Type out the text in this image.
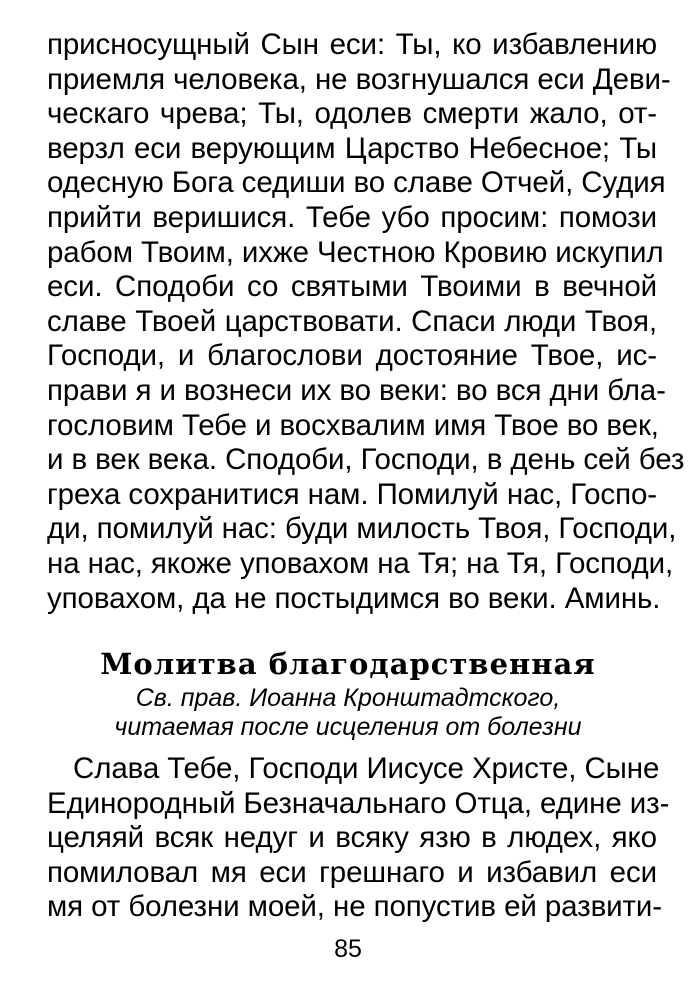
присносущный Сын еси: Ты, ко избавлению
приемля человека, не возгнушался еси Деви-
ческаго чрева; Ты, одолев смерти жало, от-
верзл еси верующим Царство Небесное; Ты
одесную Бога седиши во славе Отчей, Судия
прийти веришися. Тебе убо просим: помози
рабом Твоим, ихже Честною Кровию искупил
еси. Сподоби со святыми Твоими в вечной
славе Твоей царствовати. Спаси люди Твоя,
Господи, и благослови достояние Твое, ис-
прави я и вознеси их во веки: во вся дни бла-
гословим Тебе и восхвалим имя Твое во век,
и в век века. Сподоби, Господи, в день сей без
греха сохранитися нам. Помилуй нас, Госпо-
ди, помилуй нас: буди милость Твоя, Господи,
на нас, якоже уповахом на Тя; на Тя, Господи,
уповахом, да не постыдимся во веки. Аминь.
Молитва благодарственная
Св. прав. Иоанна Кронштадтского,
читаемая после исцеления от болезни
Слава Тебе, Господи Иисусе Христе, Сыне
Единородный Безначальнаго Отца, едине из-
целяяй всяк недуг и всяку язю в людех, яко
помиловал мя еси грешнаго и избавил еси
мя от болезни моей, не попустив ей развити-
85
